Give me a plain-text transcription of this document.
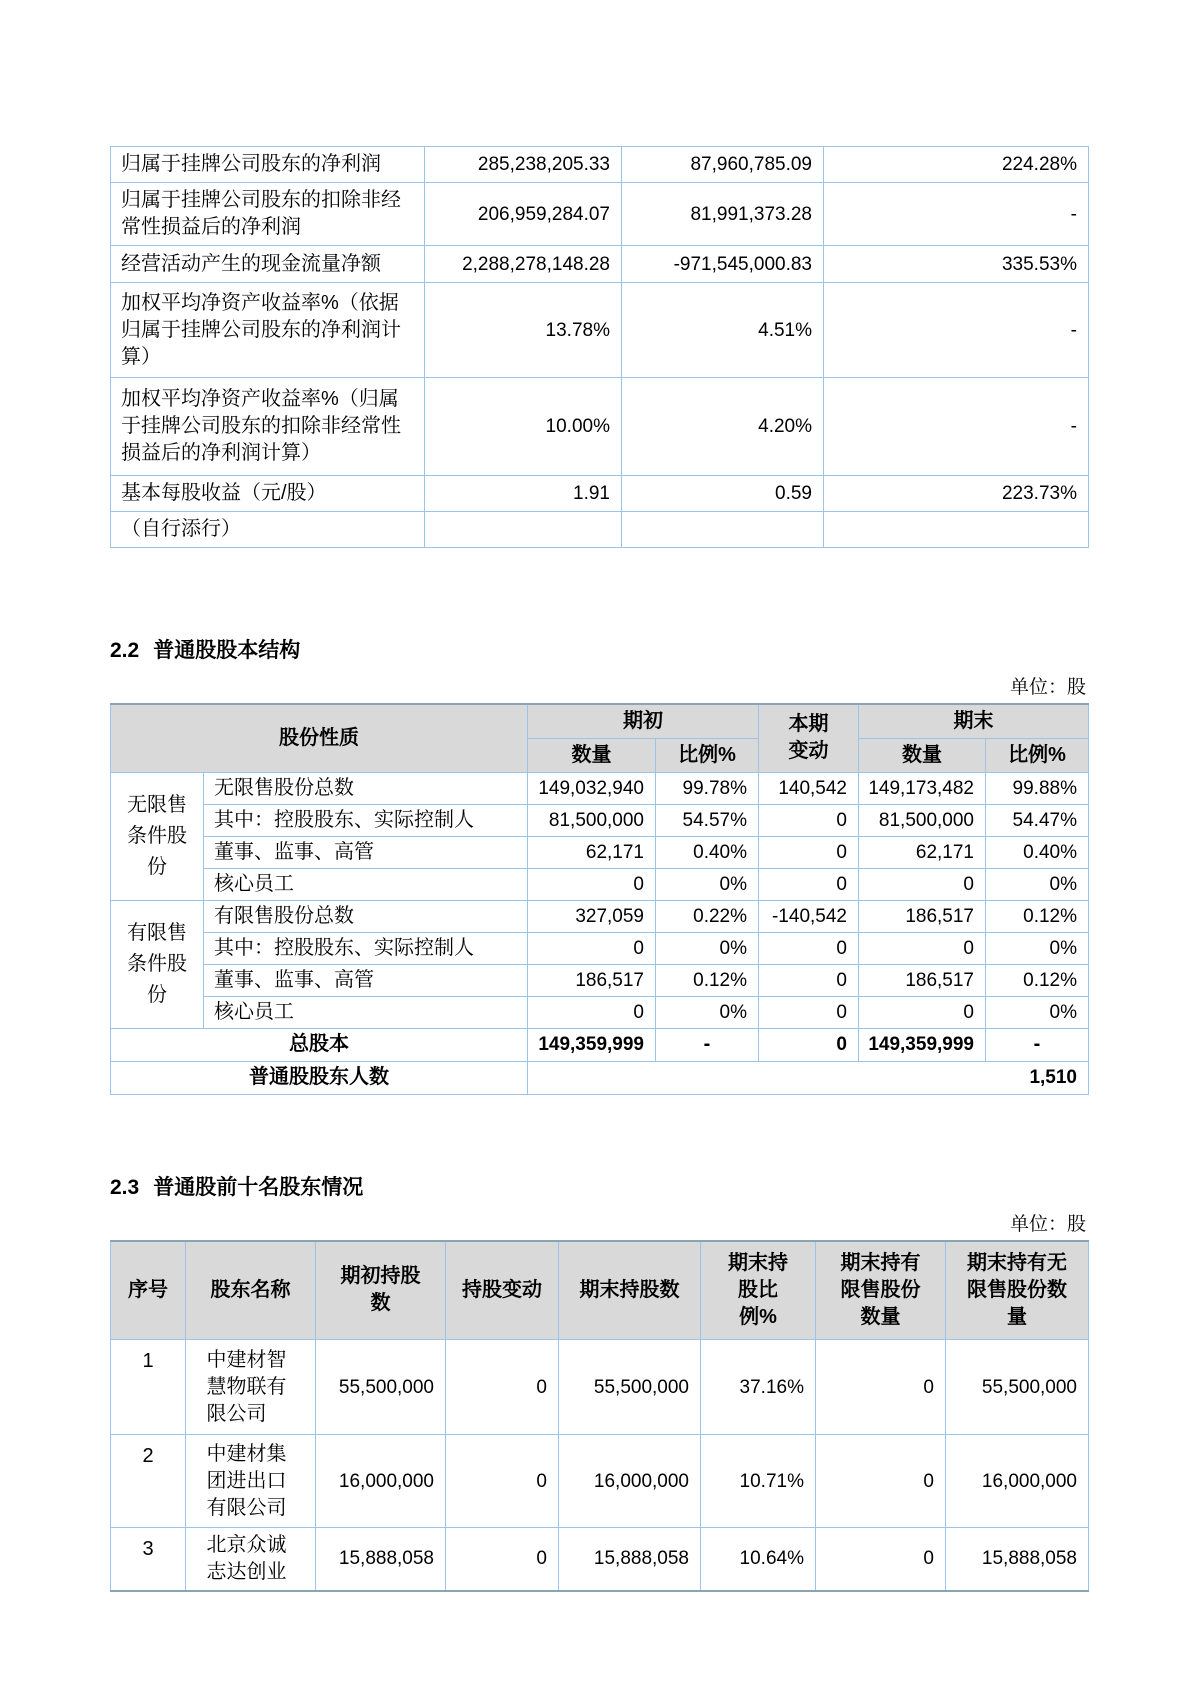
归属于挂牌公司股东的净利润	285,238,205.33	87,960,785.09	224.28%
归属于挂牌公司股东的扣除非经常性损益后的净利润	206,959,284.07	81,991,373.28	-
经营活动产生的现金流量净额	2,288,278,148.28	-971,545,000.83	335.53%
加权平均净资产收益率%（依据归属于挂牌公司股东的净利润计算）	13.78%	4.51%	-
加权平均净资产收益率%（归属于挂牌公司股东的扣除非经常性损益后的净利润计算）	10.00%	4.20%	-
基本每股收益（元/股）	1.91	0.59	223.73%
（自行添行）			
2.2 普通股股本结构
单位：股
股份性质		期初		本期变动	期末	
		数量	比例%		数量	比例%
无限售条件股份	无限售股份总数	149,032,940	99.78%	140,542	149,173,482	99.88%
	其中：控股股东、实际控制人	81,500,000	54.57%	0	81,500,000	54.47%
	董事、监事、高管	62,171	0.40%	0	62,171	0.40%
	核心员工	0	0%	0	0	0%
有限售条件股份	有限售股份总数	327,059	0.22%	-140,542	186,517	0.12%
	其中：控股股东、实际控制人	0	0%	0	0	0%
	董事、监事、高管	186,517	0.12%	0	186,517	0.12%
	核心员工	0	0%	0	0	0%
总股本		149,359,999	-	0	149,359,999	-
普通股股东人数		1,510				
2.3 普通股前十名股东情况
单位：股
序号	股东名称	期初持股数	持股变动	期末持股数	期末持股比例%	期末持有限售股份数量	期末持有无限售股份数量

1	中建材智慧物联有限公司	55,500,000	0	55,500,000	37.16%	0	55,500,000
2	中建材集团进出口有限公司	16,000,000	0	16,000,000	10.71%	0	16,000,000
3	北京众诚志达创业	15,888,058	0	15,888,058	10.64%	0	15,888,058
